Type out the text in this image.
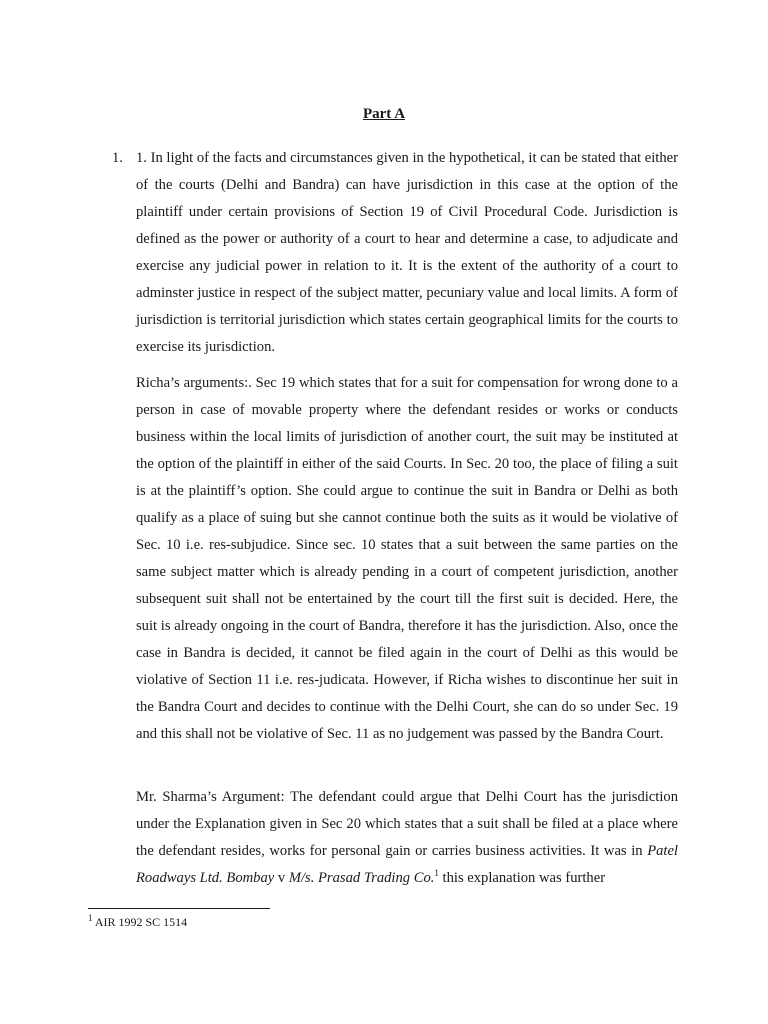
Part A
1. 1. In light of the facts and circumstances given in the hypothetical, it can be stated that either of the courts (Delhi and Bandra) can have jurisdiction in this case at the option of the plaintiff under certain provisions of Section 19 of Civil Procedural Code. Jurisdiction is defined as the power or authority of a court to hear and determine a case, to adjudicate and exercise any judicial power in relation to it. It is the extent of the authority of a court to adminster justice in respect of the subject matter, pecuniary value and local limits. A form of jurisdiction is territorial jurisdiction which states certain geographical limits for the courts to exercise its jurisdiction.

Richa’s arguments:. Sec 19 which states that for a suit for compensation for wrong done to a person in case of movable property where the defendant resides or works or conducts business within the local limits of jurisdiction of another court, the suit may be instituted at the option of the plaintiff in either of the said Courts. In Sec. 20 too, the place of filing a suit is at the plaintiff’s option. She could argue to continue the suit in Bandra or Delhi as both qualify as a place of suing but she cannot continue both the suits as it would be violative of Sec. 10 i.e. res-subjudice. Since sec. 10 states that a suit between the same parties on the same subject matter which is already pending in a court of competent jurisdiction, another subsequent suit shall not be entertained by the court till the first suit is decided. Here, the suit is already ongoing in the court of Bandra, therefore it has the jurisdiction. Also, once the case in Bandra is decided, it cannot be filed again in the court of Delhi as this would be violative of Section 11 i.e. res-judicata. However, if Richa wishes to discontinue her suit in the Bandra Court and decides to continue with the Delhi Court, she can do so under Sec. 19 and this shall not be violative of Sec. 11 as no judgement was passed by the Bandra Court.

Mr. Sharma’s Argument: The defendant could argue that Delhi Court has the jurisdiction under the Explanation given in Sec 20 which states that a suit shall be filed at a place where the defendant resides, works for personal gain or carries business activities. It was in Patel Roadways Ltd. Bombay v M/s. Prasad Trading Co.$^1$ this explanation was further

$^1$ AIR 1992 SC 1514
